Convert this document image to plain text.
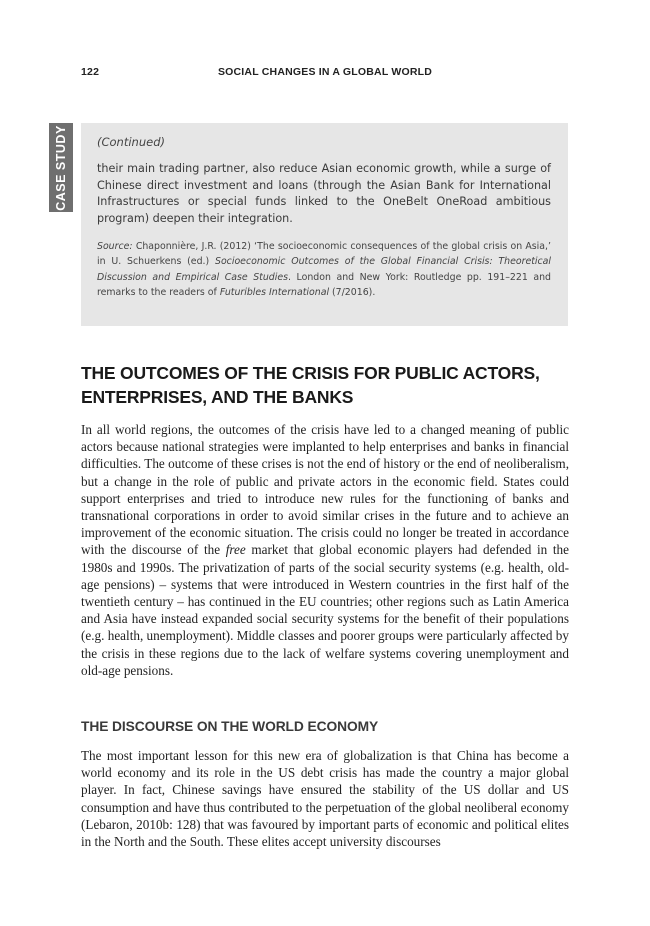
122	SOCIAL CHANGES IN A GLOBAL WORLD
CASE STUDY	(Continued)

their main trading partner, also reduce Asian economic growth, while a surge of Chinese direct investment and loans (through the Asian Bank for International Infrastructures or special funds linked to the OneBelt OneRoad ambitious program) deepen their integration.

Source: Chaponnière, J.R. (2012) ‘The socioeconomic consequences of the global crisis on Asia,’ in U. Schuerkens (ed.) Socioeconomic Outcomes of the Global Financial Crisis: Theoretical Discussion and Empirical Case Studies. London and New York: Routledge pp. 191–221 and remarks to the readers of Futuribles International (7/2016).

THE OUTCOMES OF THE CRISIS FOR PUBLIC ACTORS, ENTERPRISES, AND THE BANKS

In all world regions, the outcomes of the crisis have led to a changed meaning of public actors because national strategies were implanted to help enterprises and banks in financial difficulties. The outcome of these crises is not the end of history or the end of neoliberalism, but a change in the role of public and private actors in the economic field. States could support enterprises and tried to introduce new rules for the functioning of banks and transnational corporations in order to avoid similar crises in the future and to achieve an improvement of the economic situation. The crisis could no longer be treated in accordance with the discourse of the free market that global economic players had defended in the 1980s and 1990s. The privatization of parts of the social security systems (e.g. health, old-age pensions) – systems that were introduced in Western countries in the first half of the twentieth century – has continued in the EU countries; other regions such as Latin America and Asia have instead expanded social security systems for the benefit of their populations (e.g. health, unemployment). Middle classes and poorer groups were particularly affected by the crisis in these regions due to the lack of welfare systems covering unemployment and old-age pensions.

THE DISCOURSE ON THE WORLD ECONOMY

The most important lesson for this new era of globalization is that China has become a world economy and its role in the US debt crisis has made the country a major global player. In fact, Chinese savings have ensured the stability of the US dollar and US consumption and have thus contributed to the perpetuation of the global neoliberal economy (Lebaron, 2010b: 128) that was favoured by important parts of economic and political elites in the North and the South. These elites accept university discourses
